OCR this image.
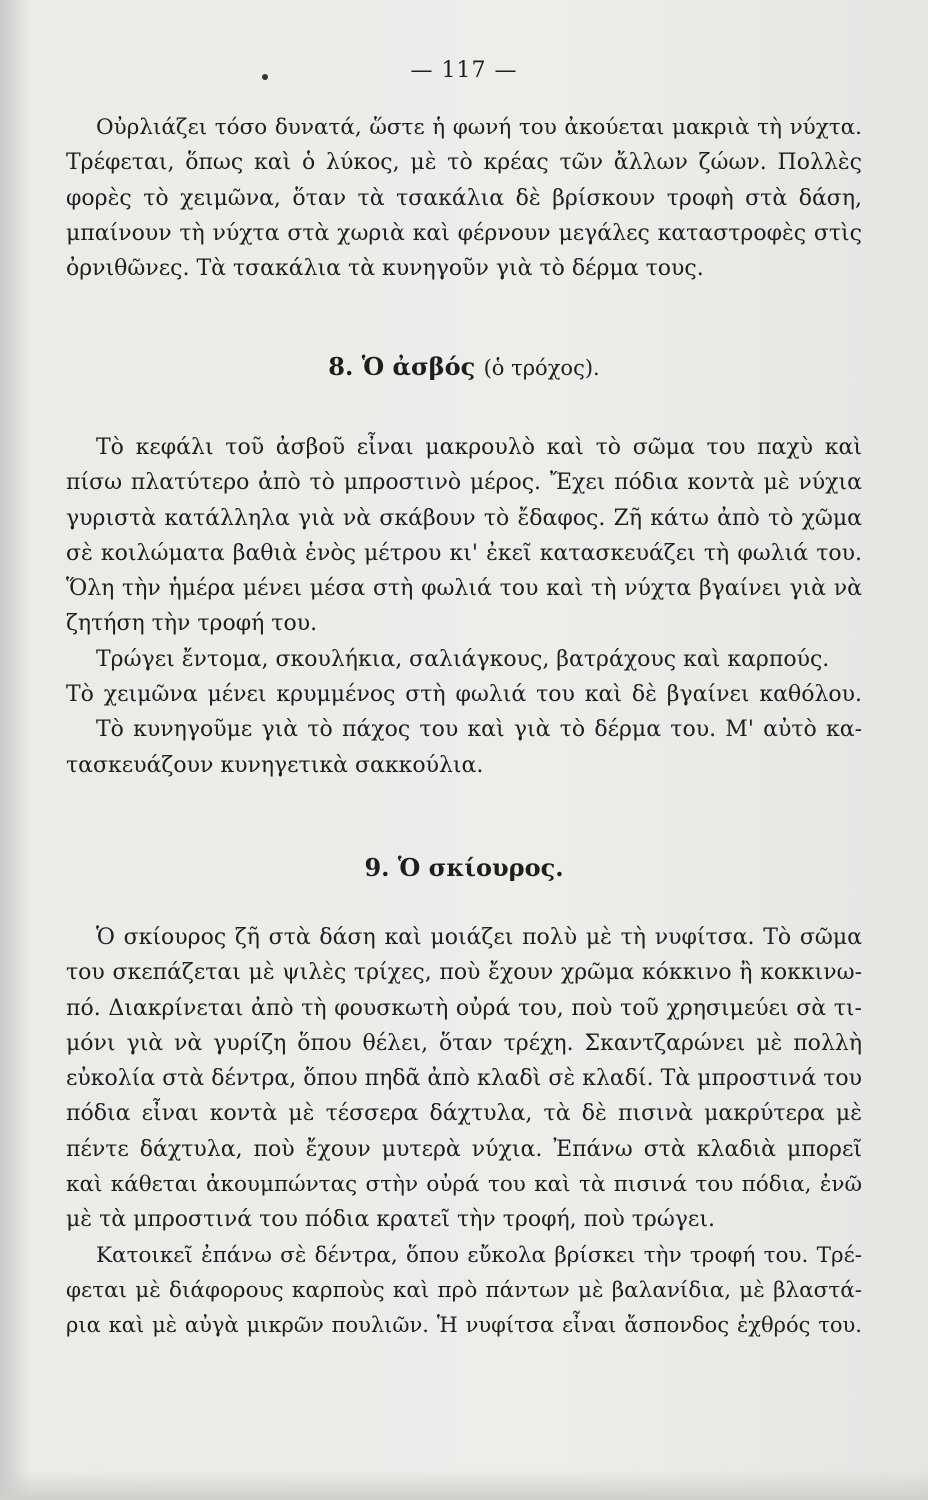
— 117 —
Οὐρλιάζει τόσο δυνατά, ὥστε ἡ φωνή του ἀκούεται μακριὰ τὴ νύχτα.
Τρέφεται, ὅπως καὶ ὁ λύκος, μὲ τὸ κρέας τῶν ἄλλων ζώων. Πολλὲς
φορὲς τὸ χειμῶνα, ὅταν τὰ τσακάλια δὲ βρίσκουν τροφὴ στὰ δάση,
μπαίνουν τὴ νύχτα στὰ χωριὰ καὶ φέρνουν μεγάλες καταστροφὲς στὶς
ὀρνιθῶνες. Τὰ τσακάλια τὰ κυνηγοῦν γιὰ τὸ δέρμα τους.
8. Ὁ ἀσβός (ὁ τρόχος).
Τὸ κεφάλι τοῦ ἀσβοῦ εἶναι μακρουλὸ καὶ τὸ σῶμα του παχὺ καὶ
πίσω πλατύτερο ἀπὸ τὸ μπροστινὸ μέρος. Ἔχει πόδια κοντὰ μὲ νύχια
γυριστὰ κατάλληλα γιὰ νὰ σκάβουν τὸ ἔδαφος. Ζῆ κάτω ἀπὸ τὸ χῶμα
σὲ κοιλώματα βαθιὰ ἑνὸς μέτρου κι' ἐκεῖ κατασκευάζει τὴ φωλιά του.
Ὅλη τὴν ἡμέρα μένει μέσα στὴ φωλιά του καὶ τὴ νύχτα βγαίνει γιὰ νὰ
ζητήση τὴν τροφή του.
Τρώγει ἔντομα, σκουλήκια, σαλιάγκους, βατράχους καὶ καρπούς.
Τὸ χειμῶνα μένει κρυμμένος στὴ φωλιά του καὶ δὲ βγαίνει καθόλου.
Τὸ κυνηγοῦμε γιὰ τὸ πάχος του καὶ γιὰ τὸ δέρμα του. Μ' αὐτὸ κα-
τασκευάζουν κυνηγετικὰ σακκούλια.
9. Ὁ σκίουρος.
Ὁ σκίουρος ζῆ στὰ δάση καὶ μοιάζει πολὺ μὲ τὴ νυφίτσα. Τὸ σῶμα
του σκεπάζεται μὲ ψιλὲς τρίχες, ποὺ ἔχουν χρῶμα κόκκινο ἢ κοκκινω-
πό. Διακρίνεται ἀπὸ τὴ φουσκωτὴ οὐρά του, ποὺ τοῦ χρησιμεύει σὰ τι-
μόνι γιὰ νὰ γυρίζη ὅπου θέλει, ὅταν τρέχη. Σκαντζαρώνει μὲ πολλὴ
εὐκολία στὰ δέντρα, ὅπου πηδᾶ ἀπὸ κλαδὶ σὲ κλαδί. Τὰ μπροστινά του
πόδια εἶναι κοντὰ μὲ τέσσερα δάχτυλα, τὰ δὲ πισινὰ μακρύτερα μὲ
πέντε δάχτυλα, ποὺ ἔχουν μυτερὰ νύχια. Ἐπάνω στὰ κλαδιὰ μπορεῖ
καὶ κάθεται ἀκουμπώντας στὴν οὐρά του καὶ τὰ πισινά του πόδια, ἐνῶ
μὲ τὰ μπροστινά του πόδια κρατεῖ τὴν τροφή, ποὺ τρώγει.
Κατοικεῖ ἐπάνω σὲ δέντρα, ὅπου εὔκολα βρίσκει τὴν τροφή του. Τρέ-
φεται μὲ διάφορους καρποὺς καὶ πρὸ πάντων μὲ βαλανίδια, μὲ βλαστά-
ρια καὶ μὲ αὐγὰ μικρῶν πουλιῶν. Ἡ νυφίτσα εἶναι ἄσπονδος ἐχθρός του.
